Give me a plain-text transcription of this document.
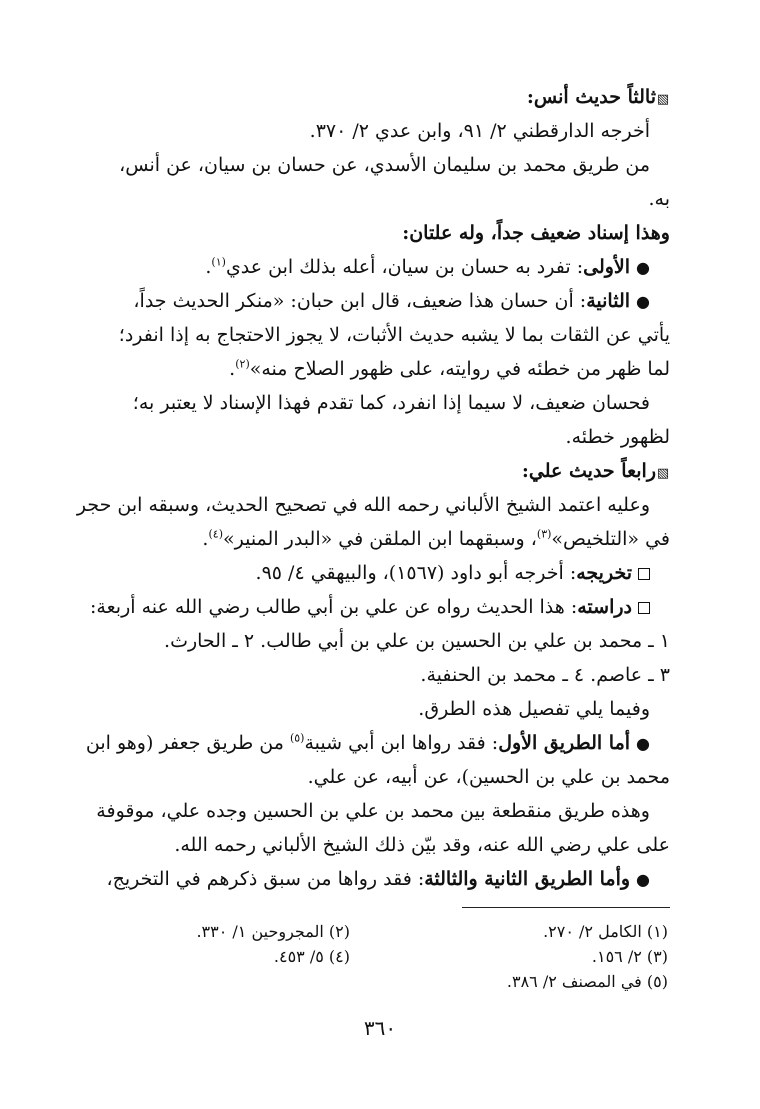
▧ثالثاً حديث أنس:
أخرجه الدارقطني ٢/ ٩١، وابن عدي ٢/ ٣٧٠.
من طريق محمد بن سليمان الأسدي، عن حسان بن سيان، عن أنس،
به.
وهذا إسناد ضعيف جداً، وله علتان:
●الأولى: تفرد به حسان بن سيان، أعله بذلك ابن عدي$^{(١)}$.
●الثانية: أن حسان هذا ضعيف، قال ابن حبان: «منكر الحديث جداً،
يأتي عن الثقات بما لا يشبه حديث الأثبات، لا يجوز الاحتجاج به إذا انفرد؛
لما ظهر من خطئه في روايته، على ظهور الصلاح منه»$^{(٢)}$.
فحسان ضعيف، لا سيما إذا انفرد، كما تقدم فهذا الإسناد لا يعتبر به؛
لظهور خطئه.
▧رابعاً حديث علي:
وعليه اعتمد الشيخ الألباني رحمه الله في تصحيح الحديث، وسبقه ابن حجر
في «التلخيص»$^{(٣)}$، وسبقهما ابن الملقن في «البدر المنير»$^{(٤)}$.
تخريجه: أخرجه أبو داود (١٥٦٧)، والبيهقي ٤/ ٩٥.
دراسته: هذا الحديث رواه عن علي بن أبي طالب رضي الله عنه أربعة:
١ ـ محمد بن علي بن الحسين بن علي بن أبي طالب. ٢ ـ الحارث.
٣ ـ عاصم. ٤ ـ محمد بن الحنفية.
وفيما يلي تفصيل هذه الطرق.
●أما الطريق الأول: فقد رواها ابن أبي شيبة$^{(٥)}$ من طريق جعفر (وهو ابن
محمد بن علي بن الحسين)، عن أبيه، عن علي.
وهذه طريق منقطعة بين محمد بن علي بن الحسين وجده علي، موقوفة
على علي رضي الله عنه، وقد بيّن ذلك الشيخ الألباني رحمه الله.
●وأما الطريق الثانية والثالثة: فقد رواها من سبق ذكرهم في التخريج،
(١) الكامل ٢/ ٢٧٠.
(٢) المجروحين ١/ ٣٣٠.
(٣) ٢/ ١٥٦.
(٤) ٥/ ٤٥٣.
(٥) في المصنف ٢/ ٣٨٦.
٣٦٠
